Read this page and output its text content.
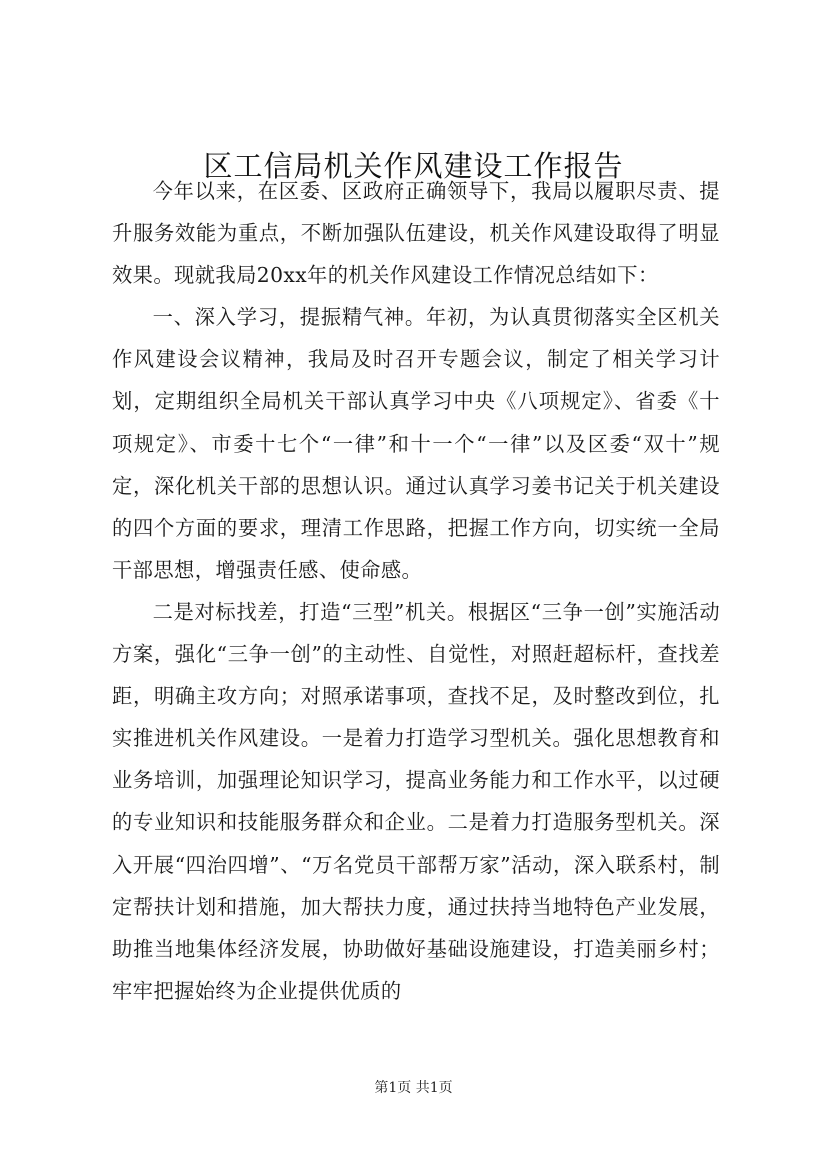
区工信局机关作风建设工作报告

今年以来，在区委、区政府正确领导下，我局以履职尽责、提升服务效能为重点，不断加强队伍建设，机关作风建设取得了明显效果。现就我局20xx年的机关作风建设工作情况总结如下：

一、深入学习，提振精气神。年初，为认真贯彻落实全区机关作风建设会议精神，我局及时召开专题会议，制定了相关学习计划，定期组织全局机关干部认真学习中央《八项规定》、省委《十项规定》、市委十七个“一律”和十一个“一律”以及区委“双十”规定，深化机关干部的思想认识。通过认真学习姜书记关于机关建设的四个方面的要求，理清工作思路，把握工作方向，切实统一全局干部思想，增强责任感、使命感。

二是对标找差，打造“三型”机关。根据区“三争一创”实施活动方案，强化“三争一创”的主动性、自觉性，对照赶超标杆，查找差距，明确主攻方向；对照承诺事项，查找不足，及时整改到位，扎实推进机关作风建设。一是着力打造学习型机关。强化思想教育和业务培训，加强理论知识学习，提高业务能力和工作水平，以过硬的专业知识和技能服务群众和企业。二是着力打造服务型机关。深入开展“四治四增”、“万名党员干部帮万家”活动，深入联系村，制定帮扶计划和措施，加大帮扶力度，通过扶持当地特色产业发展，助推当地集体经济发展，协助做好基础设施建设，打造美丽乡村；牢牢把握始终为企业提供优质的

第1页 共1页
